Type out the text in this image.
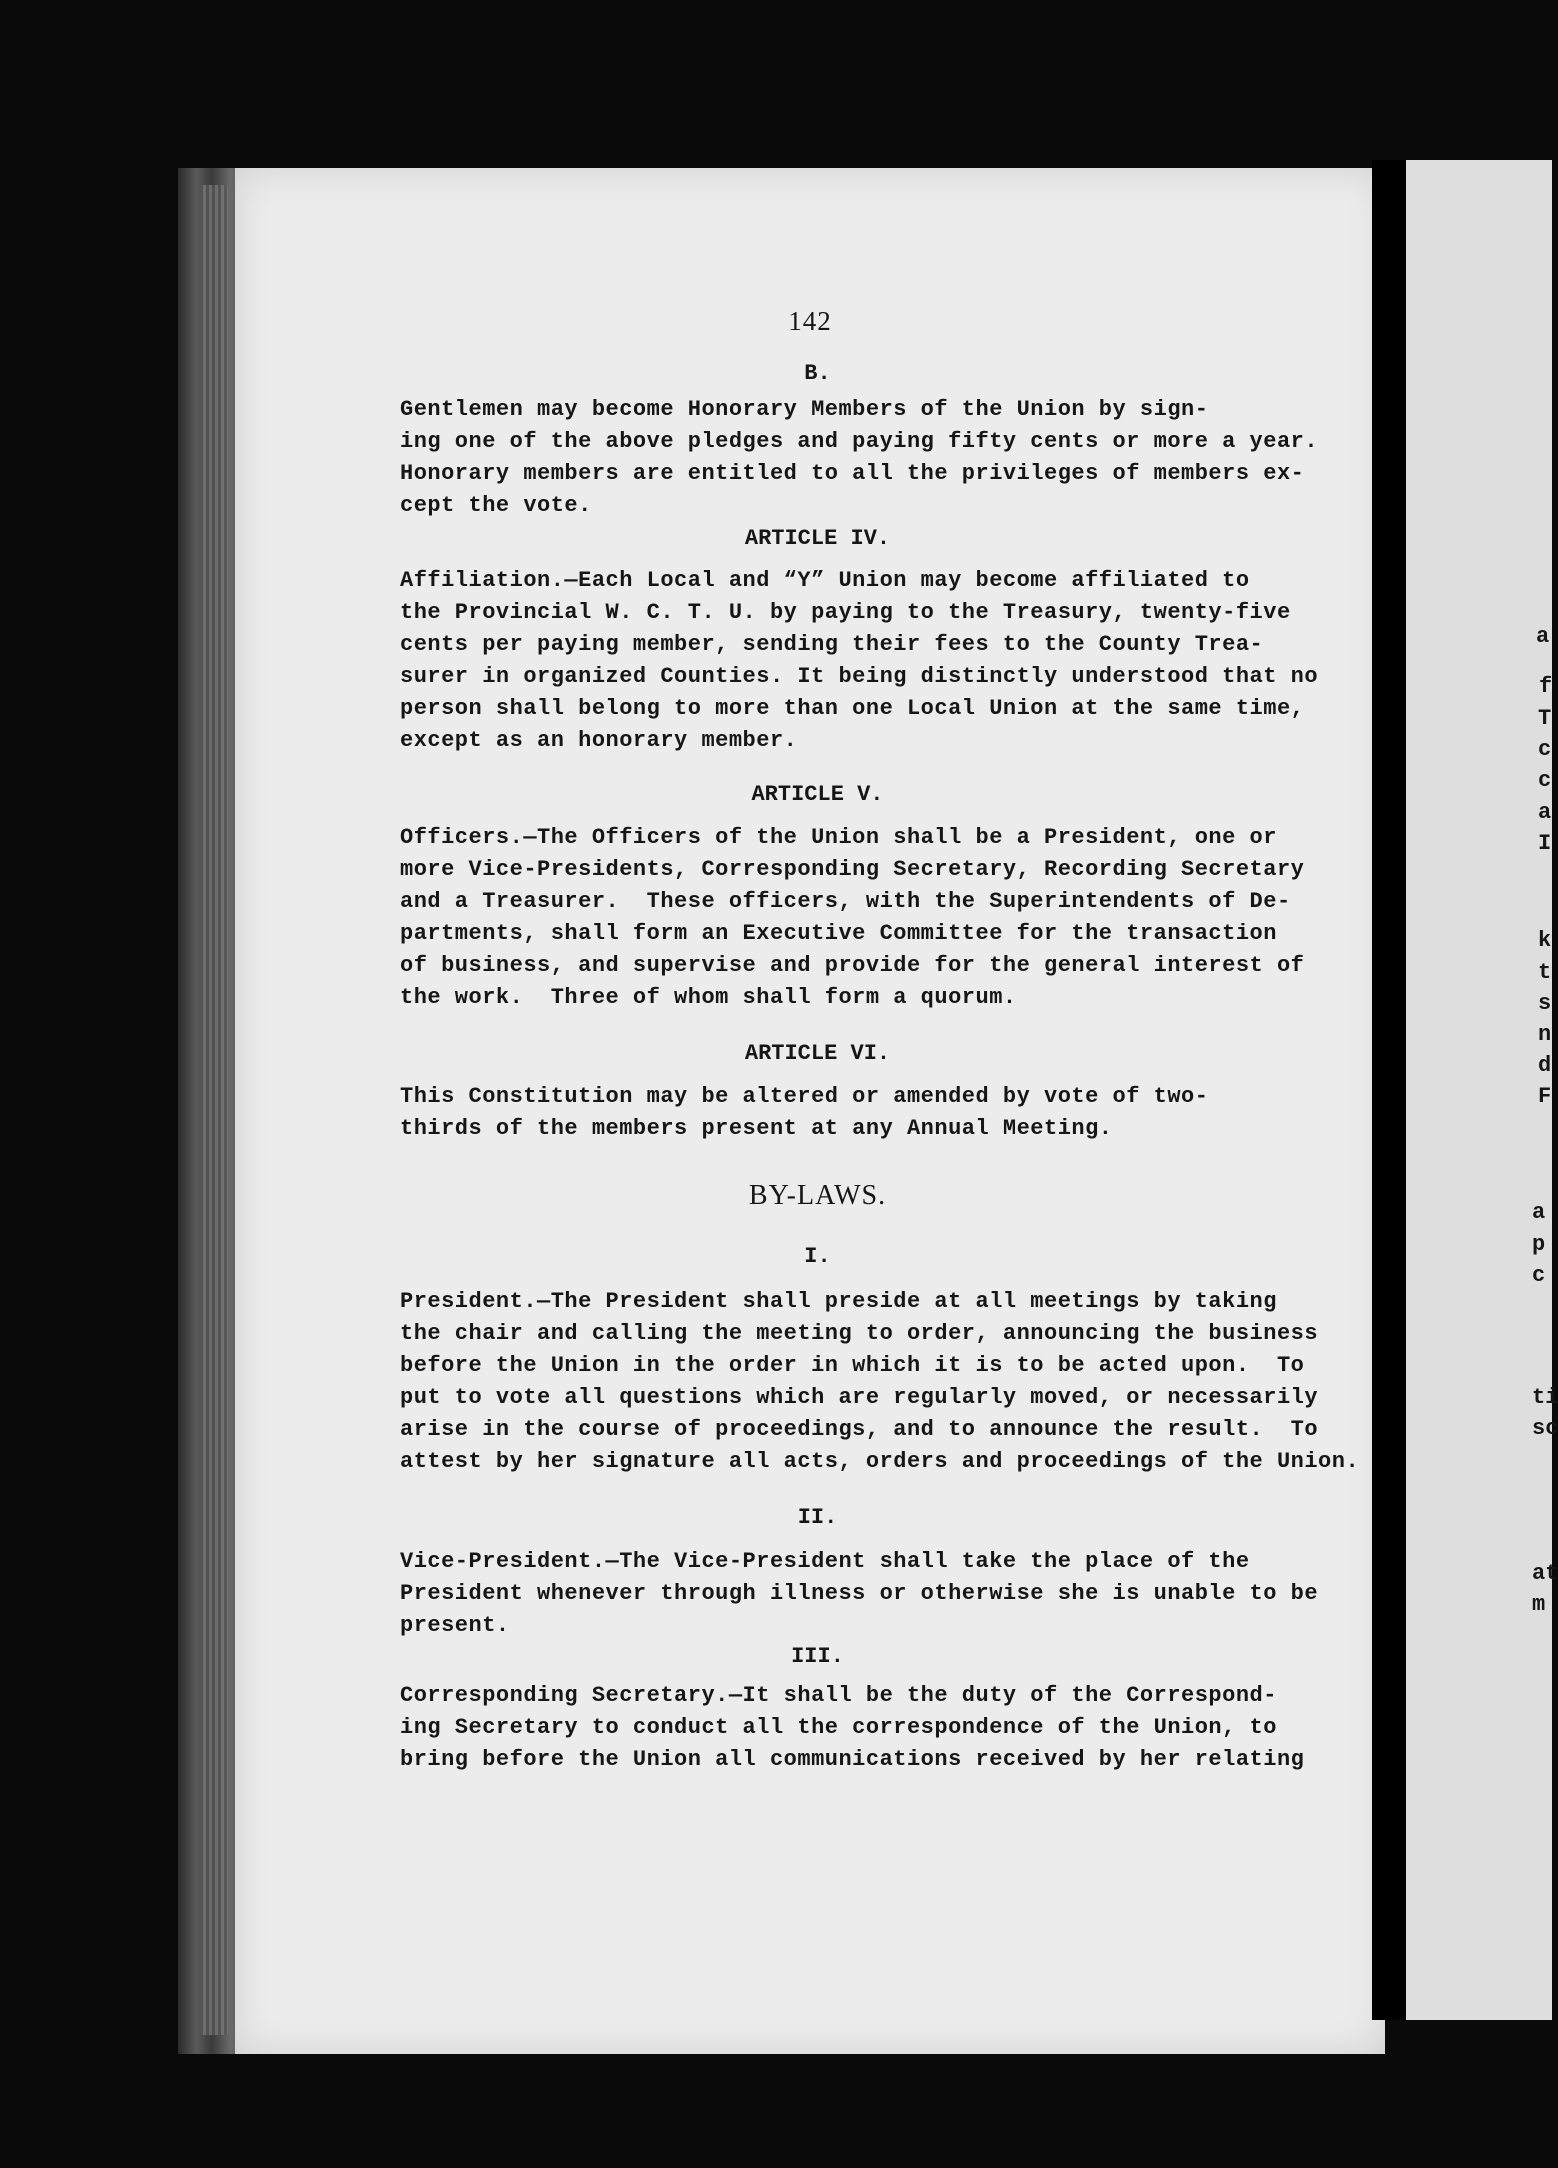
142
B.
Gentlemen may become Honorary Members of the Union by sign-
ing one of the above pledges and paying fifty cents or more a year.
Honorary members are entitled to all the privileges of members ex-
cept the vote.
ARTICLE IV.
Affiliation.—Each Local and “Y” Union may become affiliated to
the Provincial W. C. T. U. by paying to the Treasury, twenty-five
cents per paying member, sending their fees to the County Trea-
surer in organized Counties. It being distinctly understood that no
person shall belong to more than one Local Union at the same time,
except as an honorary member.
ARTICLE V.
Officers.—The Officers of the Union shall be a President, one or
more Vice-Presidents, Corresponding Secretary, Recording Secretary
and a Treasurer.  These officers, with the Superintendents of De-
partments, shall form an Executive Committee for the transaction
of business, and supervise and provide for the general interest of
the work.  Three of whom shall form a quorum.
ARTICLE VI.
This Constitution may be altered or amended by vote of two-
thirds of the members present at any Annual Meeting.
BY-LAWS.
I.
President.—The President shall preside at all meetings by taking
the chair and calling the meeting to order, announcing the business
before the Union in the order in which it is to be acted upon.  To
put to vote all questions which are regularly moved, or necessarily
arise in the course of proceedings, and to announce the result.  To
attest by her signature all acts, orders and proceedings of the Union.
II.
Vice-President.—The Vice-President shall take the place of the
President whenever through illness or otherwise she is unable to be
present.
III.
Corresponding Secretary.—It shall be the duty of the Correspond-
ing Secretary to conduct all the correspondence of the Union, to
bring before the Union all communications received by her relating
a
f
T
c
c
a
I
k
t
s
n
d
F
a
p
c
ti
sc
at
m
